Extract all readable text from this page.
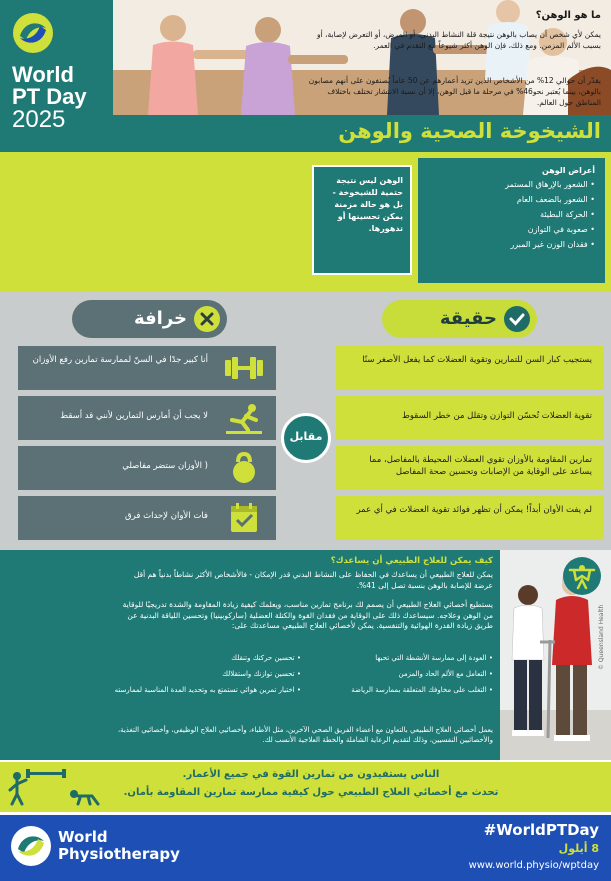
World
PT Day
2025	الشيخوخة الصحية والوهن
ما هو الوهن؟
يمكن لأي شخص أن يصاب بالوهن نتيجة قلة النشاط البدني، أو المرض، أو التعرض لإصابة، أو بسبب الألم المزمن. ومع ذلك، فإن الوهن أكثر شيوعاً مع التقدم في العمر.
يقدّر أن حوالي 12% من الأشخاص الذين تزيد أعمارهم عن 50 عاماً يُصنفون على أنهم مصابون بالوهن، بينما يُعتبر نحو46% في مرحلة ما قبل الوهن، إلا أن نسبة الانتشار تختلف باختلاف المناطق حول العالم.
الوهن ليس نتيجة حتمية للشيخوخة - بل هو حالة مزمنة يمكن تحسينها أو تدهورها.
أعراض الوهن
• الشعور بالإرهاق المستمر
• الشعور بالضعف العام
• الحركة البطيئة
• صعوبة في التوازن
• فقدان الوزن غير المبرر
خرافة	حقيقة
أنا كبير جدًا في السنّ لممارسة تمارين رفع الأوزان
لا يجب أن أمارس التمارين لأنني قد أسقط
( الأوزان ستضر مفاصلي
فات الأوان لإحداث فرق
مقابل
يستجيب كبار السن للتمارين وتقوية العضلات كما يفعل الأصغر سنًا
تقوية العضلات تُحسّن التوازن وتقلل من خطر السقوط
تمارين المقاومة بالأوزان تقوي العضلات المحيطة بالمفاصل، مما يساعد على الوقاية من الإصابات وتحسين صحة المفاصل
لم يفت الأوان أبداً! يمكن أن تظهر فوائد تقوية العضلات في أي عمر
كيف يمكن للعلاج الطبيعي أن يساعدك؟
يمكن للعلاج الطبيعي أن يساعدك في الحفاظ على النشاط البدني قدر الإمكان - فالأشخاص الأكثر نشاطاً بدنياً هم أقل عرضة للإصابة بالوهن بنسبة تصل إلى 41%.
يستطيع أخصائي العلاج الطبيعي أن يصمم لك برنامج تمارين مناسب، ويعلمك كيفية زيادة المقاومة والشدة تدريجيًا للوقاية من الوهن وعلاجه. سيساعدك ذلك على الوقاية من فقدان القوة والكتلة العضلية (ساركوبينيا) وتحسين اللياقة البدنية عن طريق زيادة القدرة الهوائية والتنفسية. يمكن لأخصائي العلاج الطبيعي مساعدتك على:
• العودة إلى ممارسة الأنشطة التي تحبها
• التعامل مع الألم الحاد والمزمن
• التغلب على مخاوفك المتعلقة بممارسة الرياضة
• تحسين حركتك وتنقلك
• تحسين توازنك واستقلالك
• اختيار تمرين هوائي تستمتع به وتحديد المدة المناسبة لممارسته
يعمل أخصائي العلاج الطبيعي بالتعاون مع أعضاء الفريق الصحي الآخرين، مثل الأطباء، وأخصائيي العلاج الوظيفي، وأخصائيي التغذية، والأخصائيين النفسيين، وذلك لتقديم الرعاية الشاملة والخطة العلاجية الأنسب لك.
© Queensland Health
الناس يستفيدون من تمارين القوة في جميع الأعمار.
تحدث مع أخصائي العلاج الطبيعي حول كيفية ممارسة تمارين المقاومة بأمان.
World
Physiotherapy
#WorldPTDay
8 أيلول
www.world.physio/wptday
